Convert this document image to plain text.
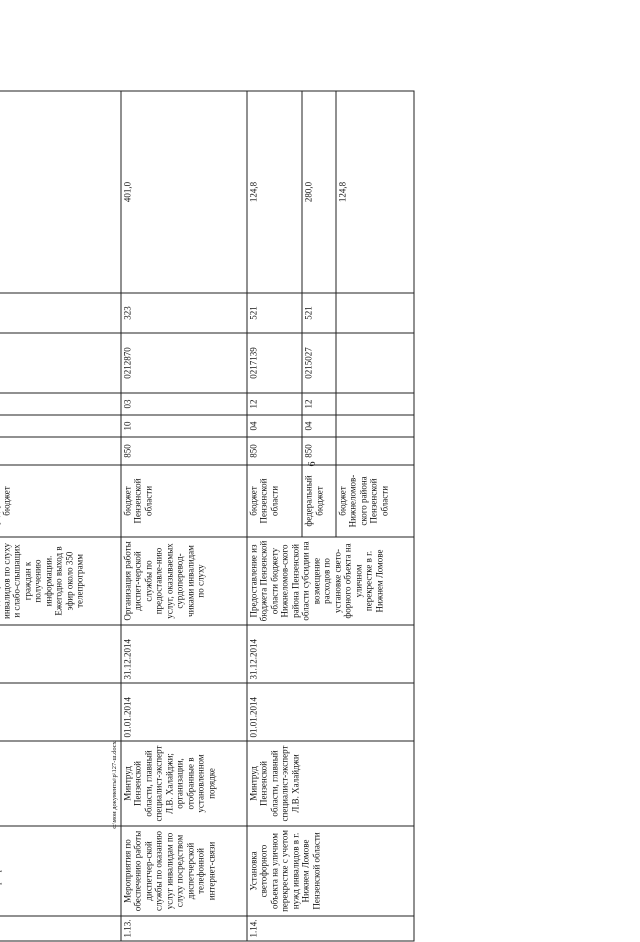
6
c:\мои документы\p\127-ш.docx

					инвалидов по слуху и слабо-слышащих граждан к получению информации. Ежегодно выход в эфир около 350 телепрограмм	бюджет						
1.13.	Мероприятия по обеспечению работы диспетчер-ской службы по оказанию услуг инвалидам по слуху посредством диспетчерской телефонной интернет-связи	Минтруд Пензенской области, главный специалист-эксперт Л.В. Халайджи; организации, отобранные в установленном порядке	01.01.2014	31.12.2014	Организация работы диспет-черской службы по предоставле-нию услуг, оказываемых сурдоперевод-чиками инвалидам по слуху	бюджет Пензенской области	850	10	03	0212870	323	401,0
1.14.	Установка светофорного объекта на уличном перекрестке с учетом нужд инвалидов в г. Нижнем Ломове Пензенской области	Минтруд Пензенской области, главный специалист-эксперт Л.В. Халайджи	01.01.2014	31.12.2014	Предоставление из бюджета Пензенской области бюджету Нижнеломов-ского района Пензенской области субсидии на возмещение расходов по установке свето-форного объекта на уличном перекрестке в г. Нижнем Ломове	бюджет Пензенской области	850	04	12	0217139	521	124,8
						федеральный бюджет	850	04	12	0215027	521	280,0
						бюджет Нижнеломов-ского района Пензенской области						124,8
